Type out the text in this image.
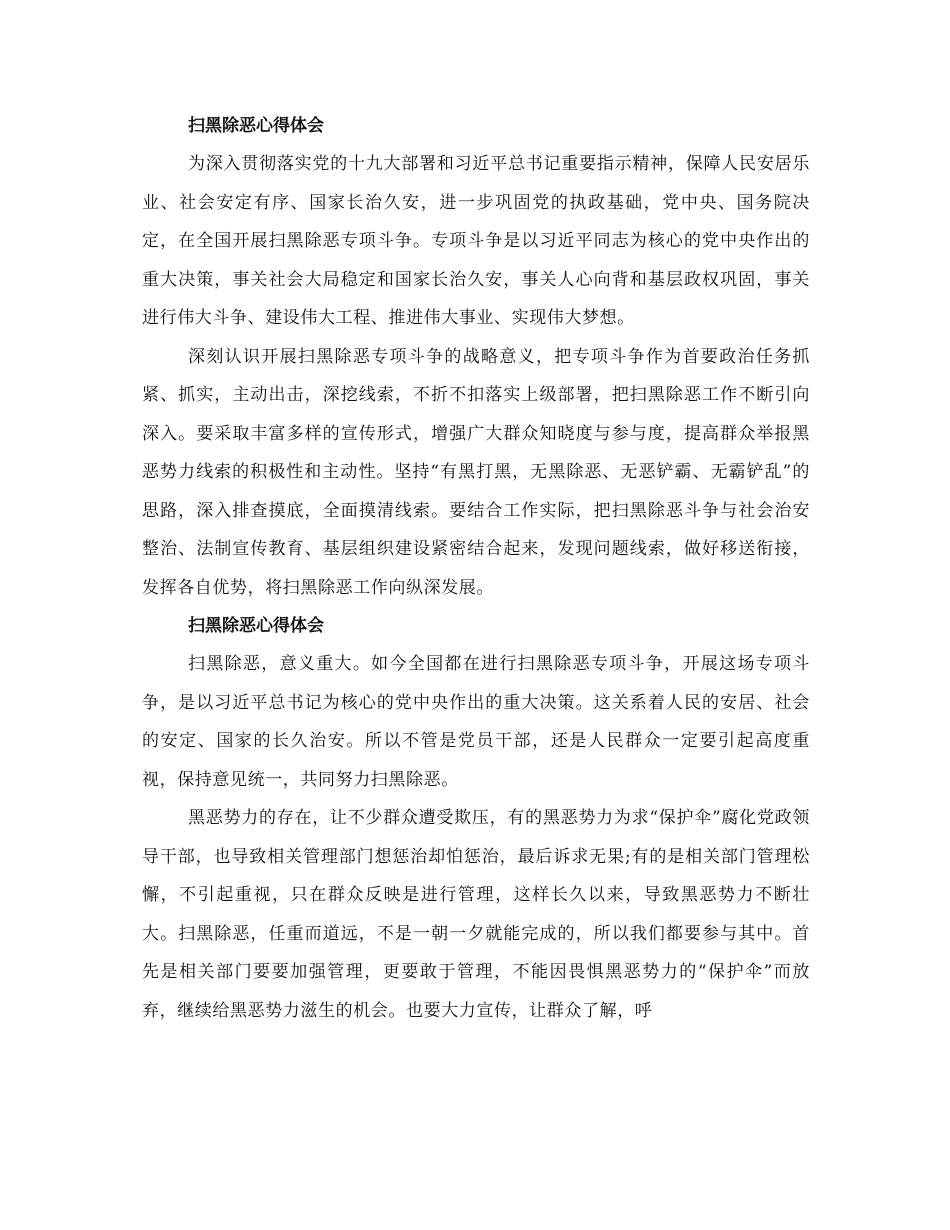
扫黑除恶心得体会

为深入贯彻落实党的十九大部署和习近平总书记重要指示精神，保障人民安居乐业、社会安定有序、国家长治久安，进一步巩固党的执政基础，党中央、国务院决定，在全国开展扫黑除恶专项斗争。专项斗争是以习近平同志为核心的党中央作出的重大决策，事关社会大局稳定和国家长治久安，事关人心向背和基层政权巩固，事关进行伟大斗争、建设伟大工程、推进伟大事业、实现伟大梦想。

深刻认识开展扫黑除恶专项斗争的战略意义，把专项斗争作为首要政治任务抓紧、抓实，主动出击，深挖线索，不折不扣落实上级部署，把扫黑除恶工作不断引向深入。要采取丰富多样的宣传形式，增强广大群众知晓度与参与度，提高群众举报黑恶势力线索的积极性和主动性。坚持“有黑打黑，无黑除恶、无恶铲霸、无霸铲乱”的思路，深入排查摸底，全面摸清线索。要结合工作实际，把扫黑除恶斗争与社会治安整治、法制宣传教育、基层组织建设紧密结合起来，发现问题线索，做好移送衔接，发挥各自优势，将扫黑除恶工作向纵深发展。

扫黑除恶心得体会

扫黑除恶，意义重大。如今全国都在进行扫黑除恶专项斗争，开展这场专项斗争，是以习近平总书记为核心的党中央作出的重大决策。这关系着人民的安居、社会的安定、国家的长久治安。所以不管是党员干部，还是人民群众一定要引起高度重视，保持意见统一，共同努力扫黑除恶。

黑恶势力的存在，让不少群众遭受欺压，有的黑恶势力为求“保护伞”腐化党政领导干部，也导致相关管理部门想惩治却怕惩治，最后诉求无果;有的是相关部门管理松懈，不引起重视，只在群众反映是进行管理，这样长久以来，导致黑恶势力不断壮大。扫黑除恶，任重而道远，不是一朝一夕就能完成的，所以我们都要参与其中。首先是相关部门要要加强管理，更要敢于管理，不能因畏惧黑恶势力的“保护伞”而放弃，继续给黑恶势力滋生的机会。也要大力宣传，让群众了解，呼
